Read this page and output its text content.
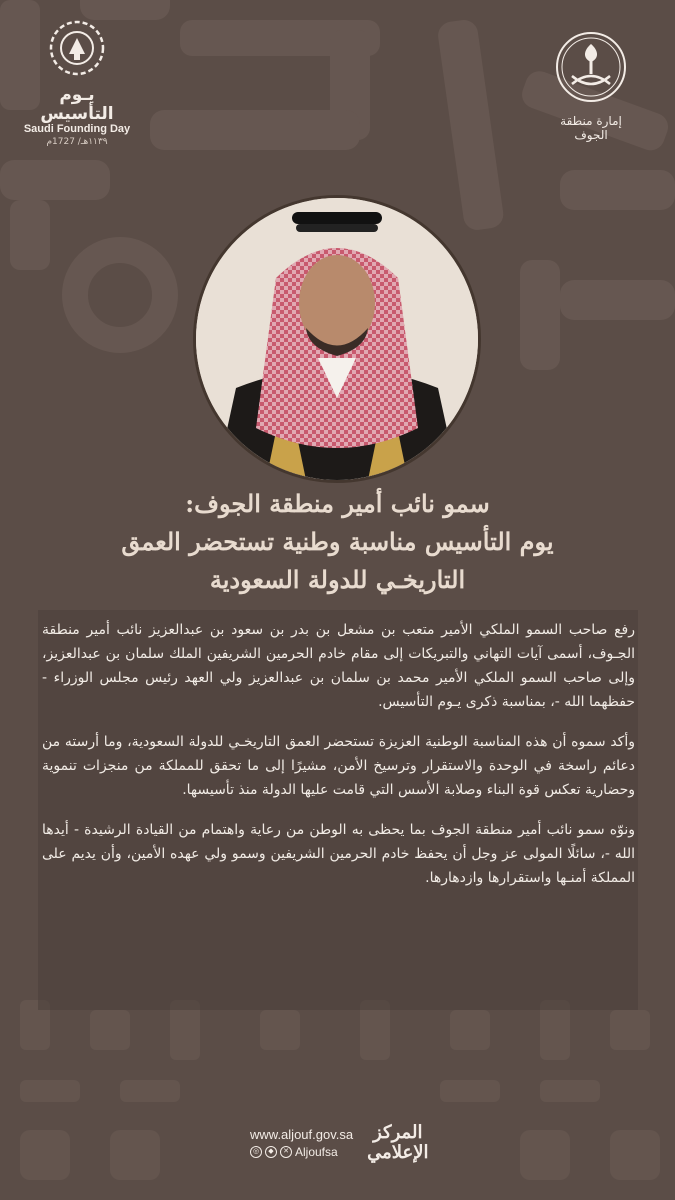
يـوم التأسيس
Saudi Founding Day
١١٣٩هـ/ 1727م
إمارة منطقة الجوف
سمو نائب أمير منطقة الجوف:
يوم التأسيس مناسبة وطنية تستحضر العمق
التاريخـي للدولة السعودية

رفع صاحب السمو الملكي الأمير متعب بن مشعل بن بدر بن سعود بن عبدالعزيز نائب أمير منطقة الجـوف، أسمى آيات التهاني والتبريكات إلى مقام خادم الحرمين الشريفين الملك سلمان بن عبدالعزيز، وإلى صاحب السمو الملكي الأمير محمد بن سلمان بن عبدالعزيز ولي العهد رئيس مجلس الوزراء - حفظهما الله -، بمناسبة ذكرى يـوم التأسيس.

وأكد سموه أن هذه المناسبة الوطنية العزيزة تستحضر العمق التاريخـي للدولة السعودية، وما أرسته من دعائم راسخة في الوحدة والاستقرار وترسيخ الأمن، مشيرًا إلى ما تحقق للمملكة من منجزات تنموية وحضارية تعكس قوة البناء وصلابة الأسس التي قامت عليها الدولة منذ تأسيسها.

ونوّه سمو نائب أمير منطقة الجوف بما يحظى به الوطن من رعاية واهتمام من القيادة الرشيدة - أيدها الله -، سائلًا المولى عز وجل أن يحفظ خادم الحرمين الشريفين وسمو ولي عهده الأمين، وأن يديم على المملكة أمنـها واستقرارها وازدهارها.

www.aljouf.gov.sa
◎	◆	✕ Aljoufsa
المركز
الإعلامي
